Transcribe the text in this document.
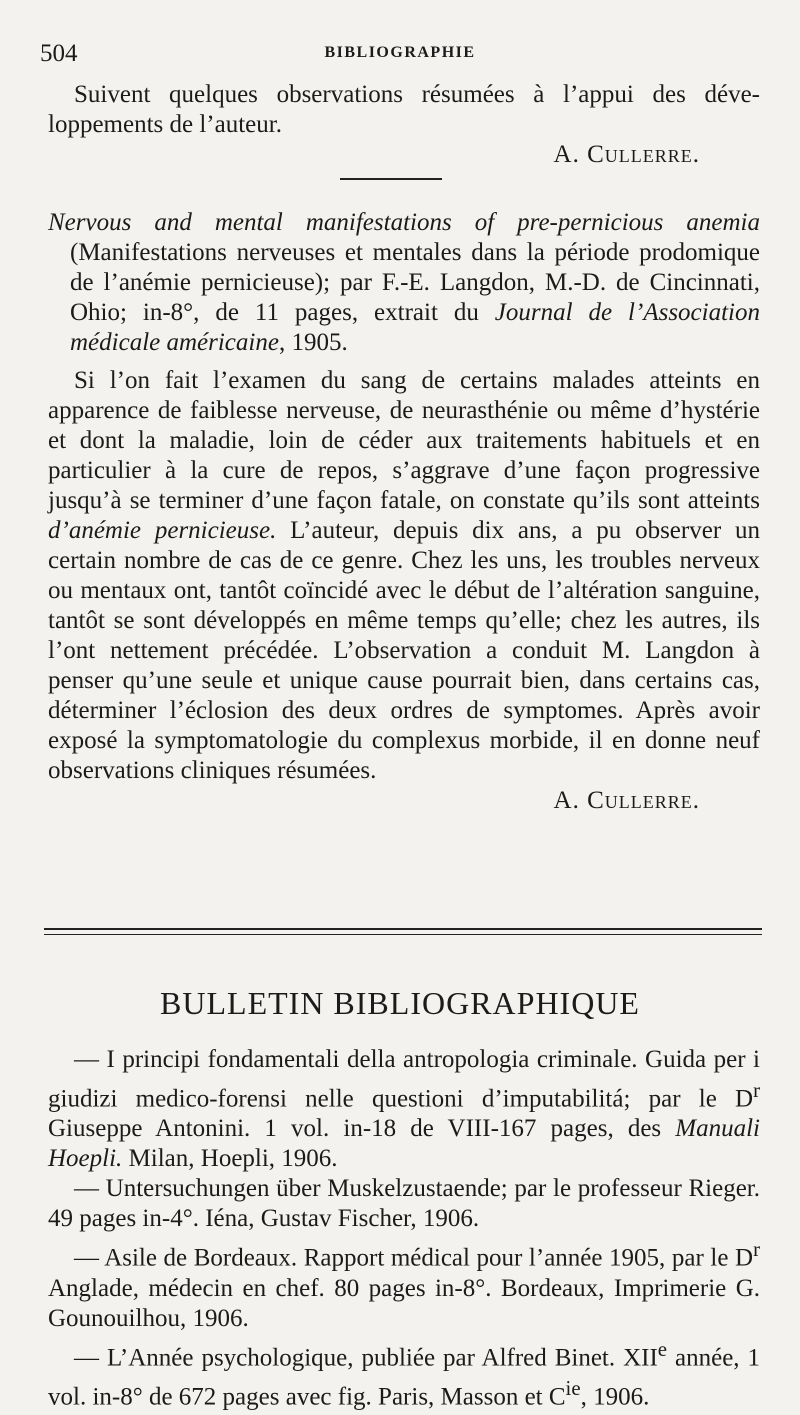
504	BIBLIOGRAPHIE

Suivent quelques observations résumées à l’appui des déve- loppements de l’auteur.

A. Cullerre.

Nervous and mental manifestations of pre-pernicious anemia (Manifestations nerveuses et mentales dans la période prodomique de l’anémie pernicieuse); par F.-E. Langdon, M.-D. de Cincinnati, Ohio; in-8°, de 11 pages, extrait du Journal de l’Association médicale américaine, 1905.

Si l’on fait l’examen du sang de certains malades atteints en apparence de faiblesse nerveuse, de neurasthénie ou même d’hystérie et dont la maladie, loin de céder aux traitements habituels et en particulier à la cure de repos, s’aggrave d’une façon progressive jusqu’à se terminer d’une façon fatale, on constate qu’ils sont atteints d’anémie pernicieuse. L’auteur, depuis dix ans, a pu observer un certain nombre de cas de ce genre. Chez les uns, les troubles nerveux ou mentaux ont, tantôt coïncidé avec le début de l’altération sanguine, tantôt se sont développés en même temps qu’elle; chez les autres, ils l’ont nettement précédée. L’observation a conduit M. Langdon à penser qu’une seule et unique cause pourrait bien, dans certains cas, déterminer l’éclosion des deux ordres de symptomes. Après avoir exposé la symptomatologie du complexus morbide, il en donne neuf observations cliniques résumées.

A. Cullerre.

BULLETIN BIBLIOGRAPHIQUE

— I principi fondamentali della antropologia criminale. Guida per i giudizi medico-forensi nelle questioni d’imputabilitá; par le $D^r$ Giuseppe Antonini. 1 vol. in-18 de VIII-167 pages, des Manuali Hoepli. Milan, Hoepli, 1906.

— Untersuchungen über Muskelzustaende; par le professeur Rieger. 49 pages in-4°. Iéna, Gustav Fischer, 1906.

— Asile de Bordeaux. Rapport médical pour l’année 1905, par le $D^r$ Anglade, médecin en chef. 80 pages in-8°. Bordeaux, Imprimerie G. Gounouilhou, 1906.

— L’Année psychologique, publiée par Alfred Binet. XIIe année, 1 vol. in-8° de 672 pages avec fig. Paris, Masson et $C^{ie}$, 1906.
